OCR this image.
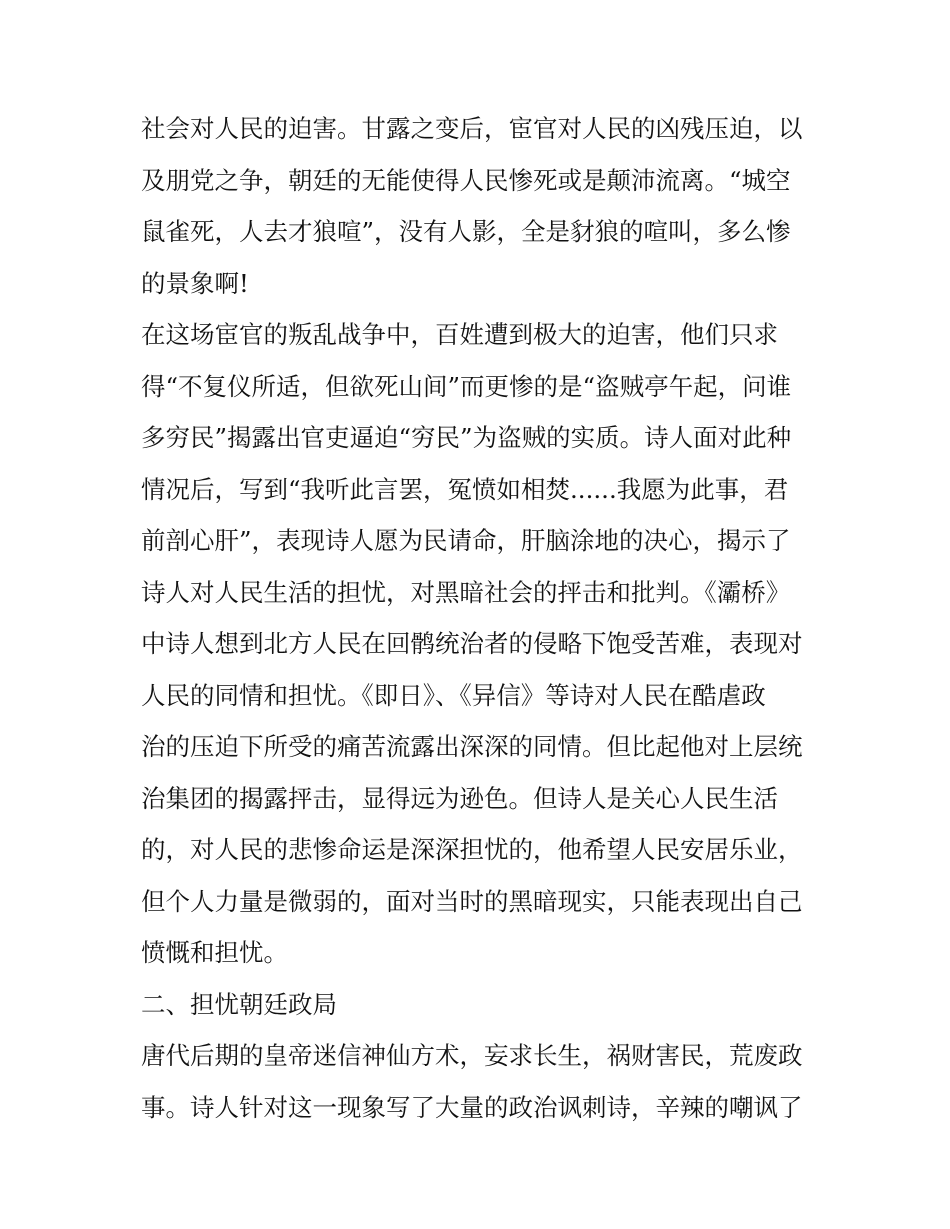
社会对人民的迫害。甘露之变后，宦官对人民的凶残压迫，以
及朋党之争，朝廷的无能使得人民惨死或是颠沛流离。“城空
鼠雀死，人去才狼喧”，没有人影，全是豺狼的喧叫，多么惨
的景象啊!
在这场宦官的叛乱战争中，百姓遭到极大的迫害，他们只求
得“不复仪所适，但欲死山间”而更惨的是“盗贼亭午起，问谁
多穷民”揭露出官吏逼迫“穷民”为盗贼的实质。诗人面对此种
情况后，写到“我听此言罢，冤愤如相焚......我愿为此事，君
前剖心肝”，表现诗人愿为民请命，肝脑涂地的决心，揭示了
诗人对人民生活的担忧，对黑暗社会的抨击和批判。《灞桥》
中诗人想到北方人民在回鹘统治者的侵略下饱受苦难，表现对
人民的同情和担忧。《即日》、《异信》等诗对人民在酷虐政
治的压迫下所受的痛苦流露出深深的同情。但比起他对上层统
治集团的揭露抨击，显得远为逊色。但诗人是关心人民生活
的，对人民的悲惨命运是深深担忧的，他希望人民安居乐业，
但个人力量是微弱的，面对当时的黑暗现实，只能表现出自己
愤慨和担忧。
二、担忧朝廷政局
唐代后期的皇帝迷信神仙方术，妄求长生，祸财害民，荒废政
事。诗人针对这一现象写了大量的政治讽刺诗，辛辣的嘲讽了
